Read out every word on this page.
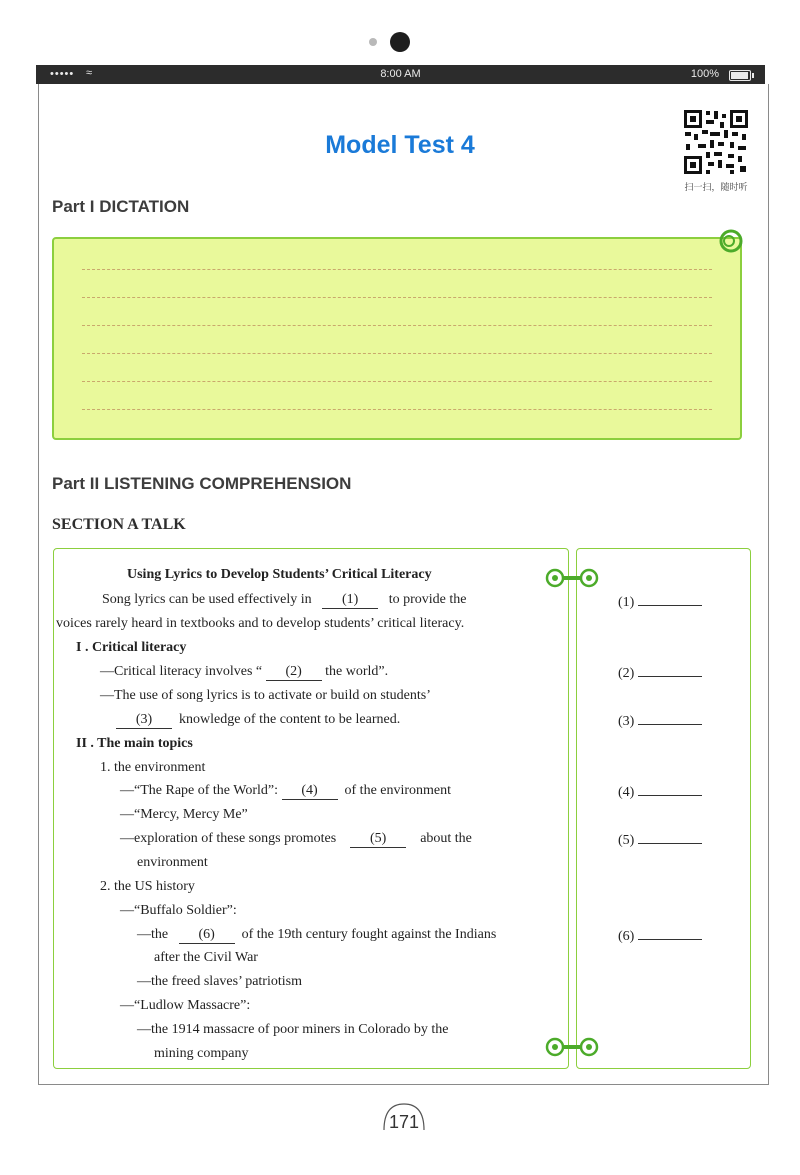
••••• ≈	8:00 AM	100%
Model Test 4
扫一扫，随时听
Part I DICTATION
Part II LISTENING COMPREHENSION
SECTION A TALK
Using Lyrics to Develop Students’ Critical Literacy
Song lyrics can be used effectively in (1) to provide the
voices rarely heard in textbooks and to develop students’ critical literacy.
I . Critical literacy
—Critical literacy involves “ (2) the world”.
—The use of song lyrics is to activate or build on students’
(3) knowledge of the content to be learned.
II . The main topics
1. the environment
—“The Rape of the World”: (4) of the environment
—“Mercy, Mercy Me”
—exploration of these songs promotes (5) about the
environment
2. the US history
—“Buffalo Soldier”:
—the (6) of the 19th century fought against the Indians
after the Civil War
—the freed slaves’ patriotism
—“Ludlow Massacre”:
—the 1914 massacre of poor miners in Colorado by the
mining company
(1)
(2)
(3)
(4)
(5)
(6)
171
